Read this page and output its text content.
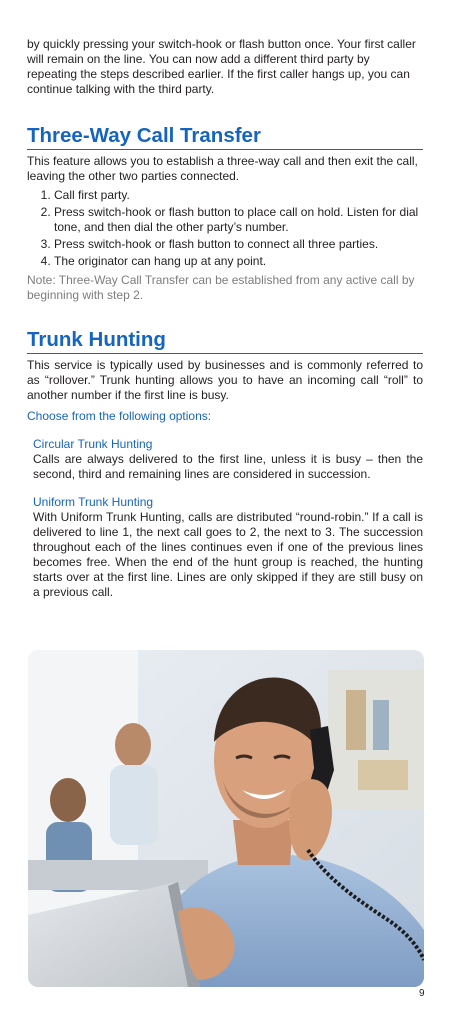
by quickly pressing your switch-hook or flash button once. Your first caller will remain on the line. You can now add a different third party by repeating the steps described earlier. If the first caller hangs up, you can continue talking with the third party.

Three-Way Call Transfer

This feature allows you to establish a three-way call and then exit the call, leaving the other two parties connected.

1. Call first party.
2. Press switch-hook or flash button to place call on hold. Listen for dial tone, and then dial the other party’s number.
3. Press switch-hook or flash button to connect all three parties.
4. The originator can hang up at any point.

Note: Three-Way Call Transfer can be established from any active call by beginning with step 2.

Trunk Hunting

This service is typically used by businesses and is commonly referred to as “rollover.” Trunk hunting allows you to have an incoming call “roll” to another number if the first line is busy.

Choose from the following options:

Circular Trunk Hunting

Calls are always delivered to the first line, unless it is busy – then the second, third and remaining lines are considered in succession.

Uniform Trunk Hunting

With Uniform Trunk Hunting, calls are distributed “round-robin.” If a call is delivered to line 1, the next call goes to 2, the next to 3. The succession throughout each of the lines continues even if one of the previous lines becomes free. When the end of the hunt group is reached, the hunting starts over at the first line. Lines are only skipped if they are still busy on a previous call.

9
